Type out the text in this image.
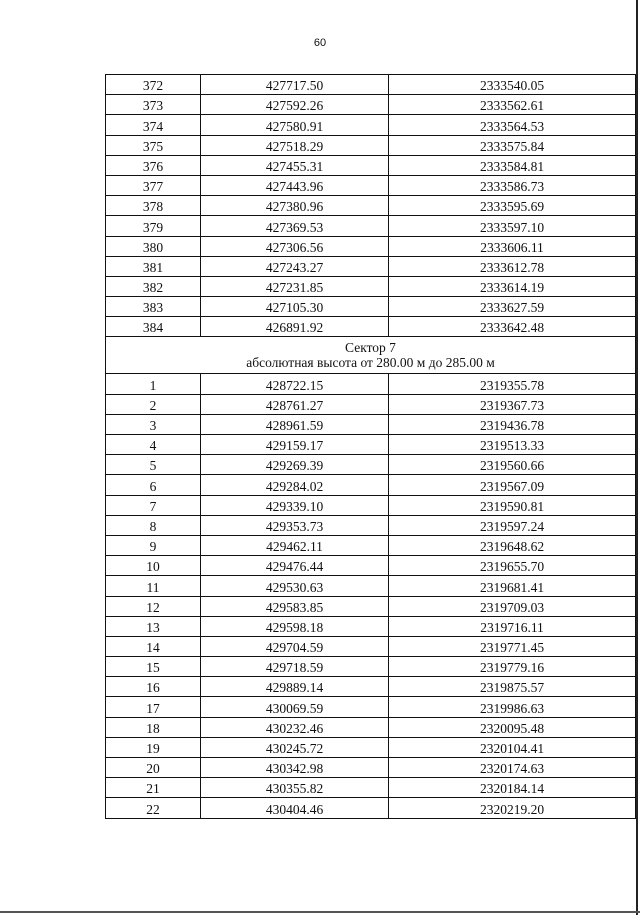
60
372	427717.50	2333540.05
373	427592.26	2333562.61
374	427580.91	2333564.53
375	427518.29	2333575.84
376	427455.31	2333584.81
377	427443.96	2333586.73
378	427380.96	2333595.69
379	427369.53	2333597.10
380	427306.56	2333606.11
381	427243.27	2333612.78
382	427231.85	2333614.19
383	427105.30	2333627.59
384	426891.92	2333642.48

Сектор 7
абсолютная высота от 280.00 м до 285.00 м		

1	428722.15	2319355.78
2	428761.27	2319367.73
3	428961.59	2319436.78
4	429159.17	2319513.33
5	429269.39	2319560.66
6	429284.02	2319567.09
7	429339.10	2319590.81
8	429353.73	2319597.24
9	429462.11	2319648.62
10	429476.44	2319655.70
11	429530.63	2319681.41
12	429583.85	2319709.03
13	429598.18	2319716.11
14	429704.59	2319771.45
15	429718.59	2319779.16
16	429889.14	2319875.57
17	430069.59	2319986.63
18	430232.46	2320095.48
19	430245.72	2320104.41
20	430342.98	2320174.63
21	430355.82	2320184.14
22	430404.46	2320219.20
